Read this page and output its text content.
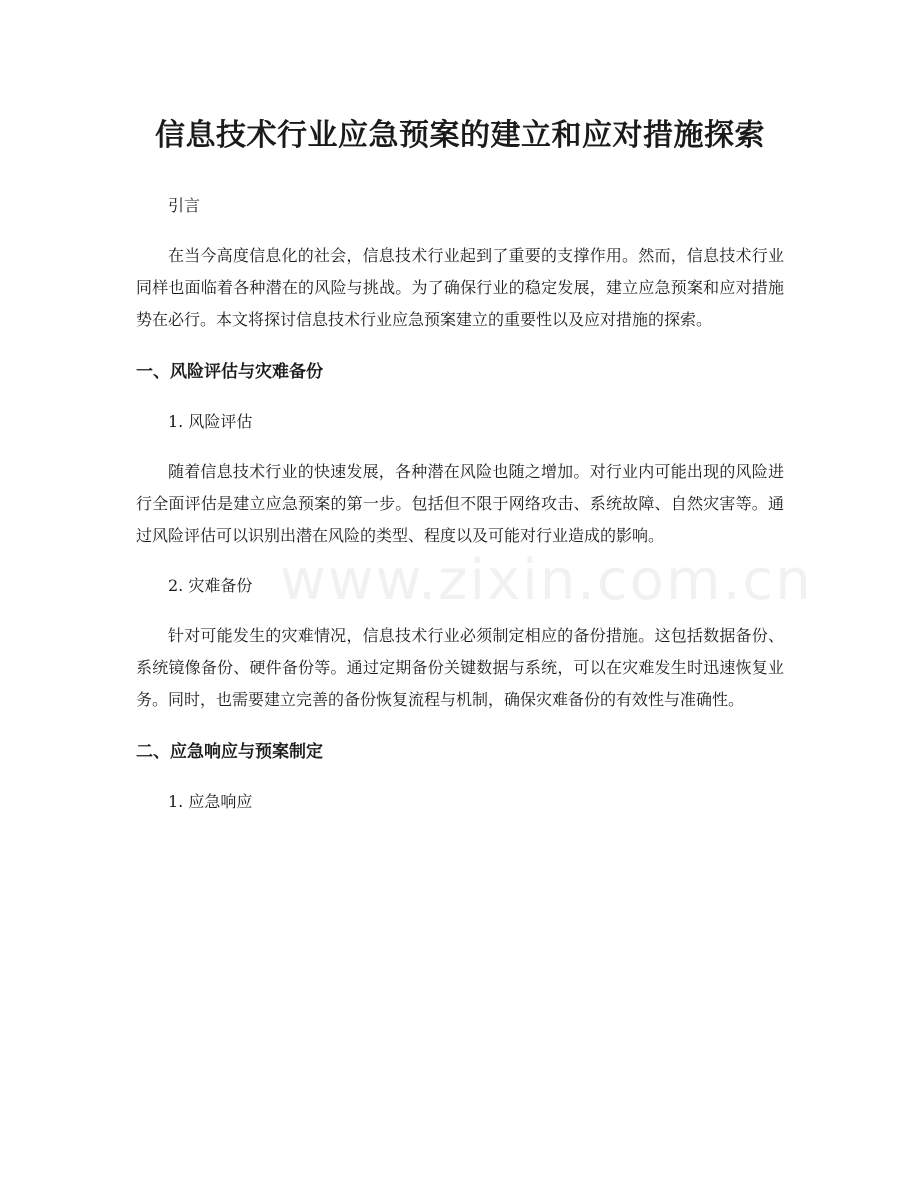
信息技术行业应急预案的建立和应对措施探索

引言

在当今高度信息化的社会，信息技术行业起到了重要的支撑作用。然而，信息技术行业同样也面临着各种潜在的风险与挑战。为了确保行业的稳定发展，建立应急预案和应对措施势在必行。本文将探讨信息技术行业应急预案建立的重要性以及应对措施的探索。

一、风险评估与灾难备份

1. 风险评估

随着信息技术行业的快速发展，各种潜在风险也随之增加。对行业内可能出现的风险进行全面评估是建立应急预案的第一步。包括但不限于网络攻击、系统故障、自然灾害等。通过风险评估可以识别出潜在风险的类型、程度以及可能对行业造成的影响。

2. 灾难备份

针对可能发生的灾难情况，信息技术行业必须制定相应的备份措施。这包括数据备份、系统镜像备份、硬件备份等。通过定期备份关键数据与系统，可以在灾难发生时迅速恢复业务。同时，也需要建立完善的备份恢复流程与机制，确保灾难备份的有效性与准确性。

二、应急响应与预案制定

1. 应急响应

www.zixin.com.cn
